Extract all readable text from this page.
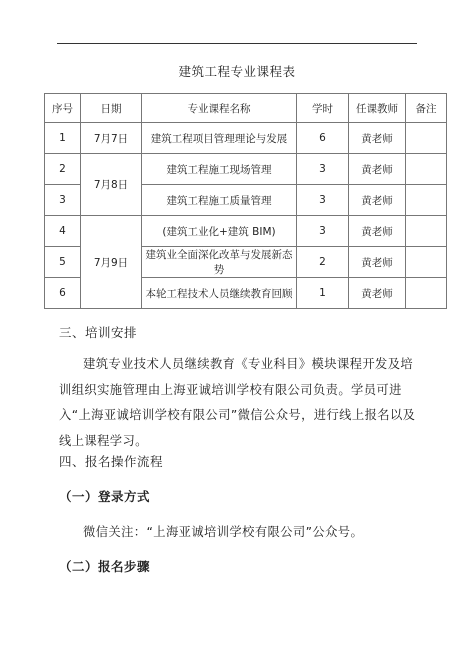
建筑工程专业课程表
序号	日期	专业课程名称	学时	任课教师	备注
1	7月7日	建筑工程项目管理理论与发展	6	黄老师	
2	7月8日	建筑工程施工现场管理	3	黄老师	
3		建筑工程施工质量管理	3	黄老师	
4	7月9日	(建筑工业化+建筑 BIM)	3	黄老师	
5		建筑业全面深化改革与发展新态势	2	黄老师	
6		本轮工程技术人员继续教育回顾	1	黄老师	
三、培训安排

建筑专业技术人员继续教育《专业科目》模块课程开发及培训组织实施管理由上海亚诚培训学校有限公司负责。学员可进入“上海亚诚培训学校有限公司”微信公众号，进行线上报名以及线上课程学习。

四、报名操作流程
（一）登录方式
微信关注：“上海亚诚培训学校有限公司”公众号。
（二）报名步骤
